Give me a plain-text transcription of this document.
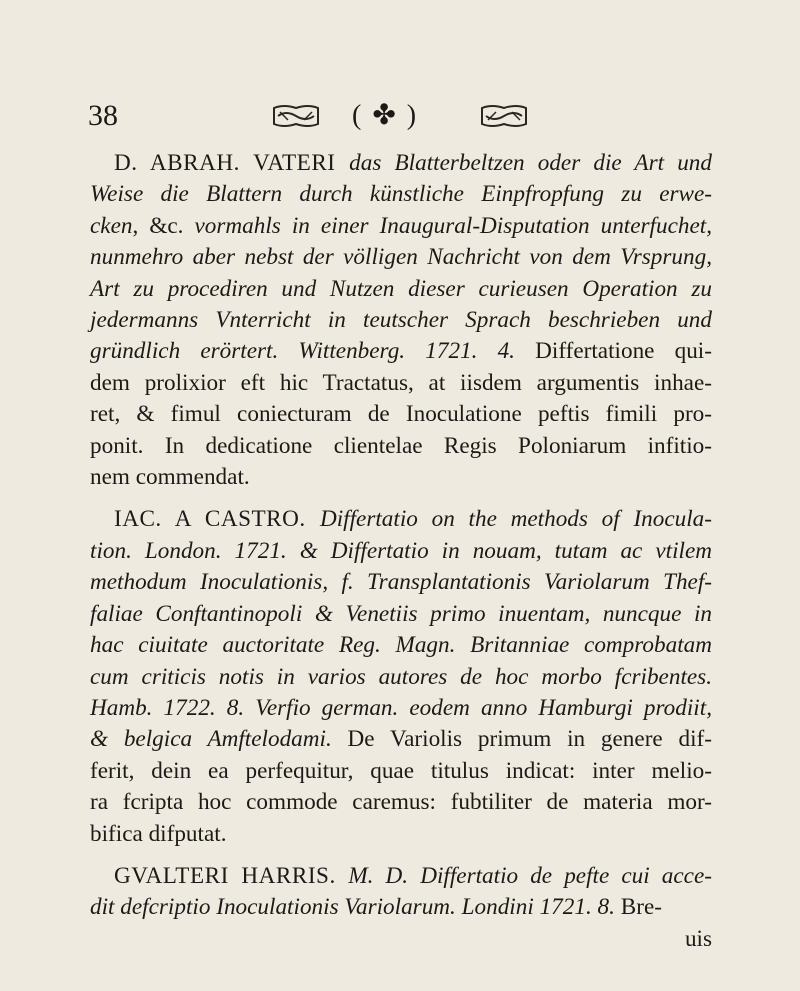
38	( ✤ )

D. ABRAH. VATERI das Blatterbeltzen oder die Art und
Weise die Blattern durch künstliche Einpfropfung zu erwe-
cken, &c. vormahls in einer Inaugural-Disputation unterfuchet,
nunmehro aber nebst der völligen Nachricht von dem Vrsprung,
Art zu procediren und Nutzen dieser curieusen Operation zu
jedermanns Vnterricht in teutscher Sprach beschrieben und
gründlich erörtert. Wittenberg. 1721. 4. Differtatione qui-
dem prolixior eft hic Tractatus, at iisdem argumentis inhae-
ret, & fimul coniecturam de Inoculatione peftis fimili pro-
ponit. In dedicatione clientelae Regis Poloniarum infitio-
nem commendat.

IAC. A CASTRO. Differtatio on the methods of Inocula-
tion. London. 1721. & Differtatio in nouam, tutam ac vtilem
methodum Inoculationis, f. Transplantationis Variolarum Thef-
faliae Conftantinopoli & Venetiis primo inuentam, nuncque in
hac ciuitate auctoritate Reg. Magn. Britanniae comprobatam
cum criticis notis in varios autores de hoc morbo fcribentes.
Hamb. 1722. 8. Verfio german. eodem anno Hamburgi prodiit,
& belgica Amftelodami. De Variolis primum in genere dif-
ferit, dein ea perfequitur, quae titulus indicat: inter melio-
ra fcripta hoc commode caremus: fubtiliter de materia mor-
bifica difputat.

GVALTERI HARRIS. M. D. Differtatio de pefte cui acce-
dit defcriptio Inoculationis Variolarum. Londini 1721. 8. Bre-

uis
